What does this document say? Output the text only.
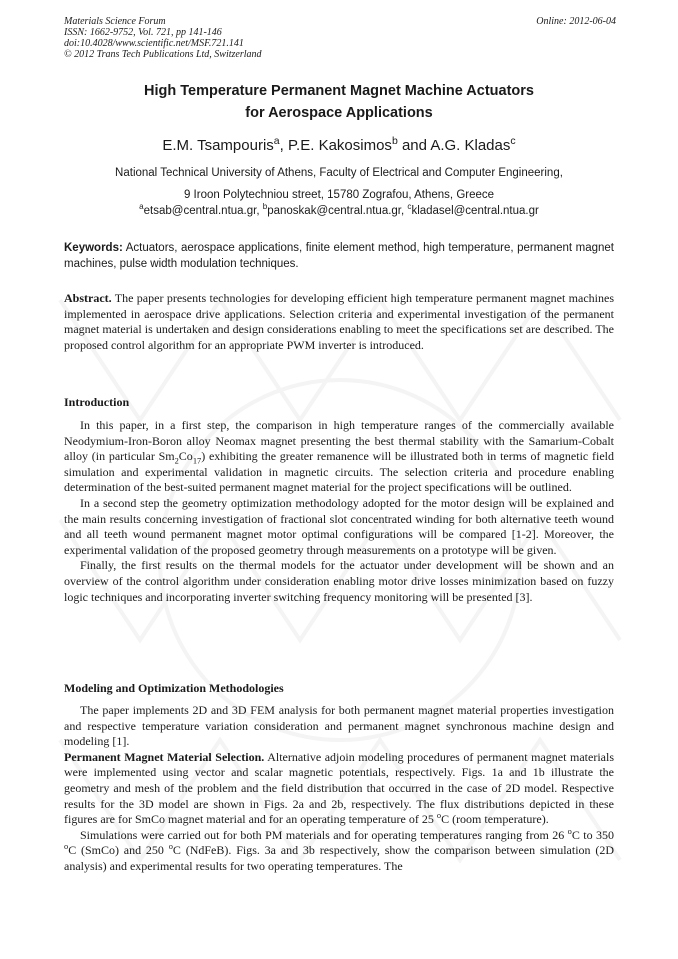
Materials Science Forum
ISSN: 1662-9752, Vol. 721, pp 141-146
doi:10.4028/www.scientific.net/MSF.721.141
© 2012 Trans Tech Publications Ltd, Switzerland
Online: 2012-06-04
High Temperature Permanent Magnet Machine Actuators
for Aerospace Applications
E.M. Tsampouris$^a$, P.E. Kakosimos$^b$ and A.G. Kladas$^c$
National Technical University of Athens, Faculty of Electrical and Computer Engineering,
9 Iroon Polytechniou street, 15780 Zografou, Athens, Greece
$^a$etsab@central.ntua.gr, $^b$panoskak@central.ntua.gr, $^c$kladasel@central.ntua.gr
Keywords: Actuators, aerospace applications, finite element method, high temperature, permanent magnet machines, pulse width modulation techniques.
Abstract. The paper presents technologies for developing efficient high temperature permanent magnet machines implemented in aerospace drive applications. Selection criteria and experimental investigation of the permanent magnet material is undertaken and design considerations enabling to meet the specifications set are described. The proposed control algorithm for an appropriate PWM inverter is introduced.
Introduction

In this paper, in a first step, the comparison in high temperature ranges of the commercially available Neodymium-Iron-Boron alloy Neomax magnet presenting the best thermal stability with the Samarium-Cobalt alloy (in particular $Sm_2Co_{17}$) exhibiting the greater remanence will be illustrated both in terms of magnetic field simulation and experimental validation in magnetic circuits. The selection criteria and procedure enabling determination of the best-suited permanent magnet material for the project specifications will be outlined.

In a second step the geometry optimization methodology adopted for the motor design will be explained and the main results concerning investigation of fractional slot concentrated winding for both alternative teeth wound and all teeth wound permanent magnet motor optimal configurations will be compared [1-2]. Moreover, the experimental validation of the proposed geometry through measurements on a prototype will be given.

Finally, the first results on the thermal models for the actuator under development will be shown and an overview of the control algorithm under consideration enabling motor drive losses minimization based on fuzzy logic techniques and incorporating inverter switching frequency monitoring will be presented [3].

Modeling and Optimization Methodologies

The paper implements 2D and 3D FEM analysis for both permanent magnet material properties investigation and respective temperature variation consideration and permanent magnet synchronous machine design and modeling [1].

Permanent Magnet Material Selection. Alternative adjoin modeling procedures of permanent magnet materials were implemented using vector and scalar magnetic potentials, respectively. Figs. 1a and 1b illustrate the geometry and mesh of the problem and the field distribution that occurred in the case of 2D model. Respective results for the 3D model are shown in Figs. 2a and 2b, respectively. The flux distributions depicted in these figures are for SmCo magnet material and for an operating temperature of 25 $^o$C (room temperature).

Simulations were carried out for both PM materials and for operating temperatures ranging from 26 $^o$C to 350 $^o$C (SmCo) and 250 $^o$C (NdFeB). Figs. 3a and 3b respectively, show the comparison between simulation (2D analysis) and experimental results for two operating temperatures. The
